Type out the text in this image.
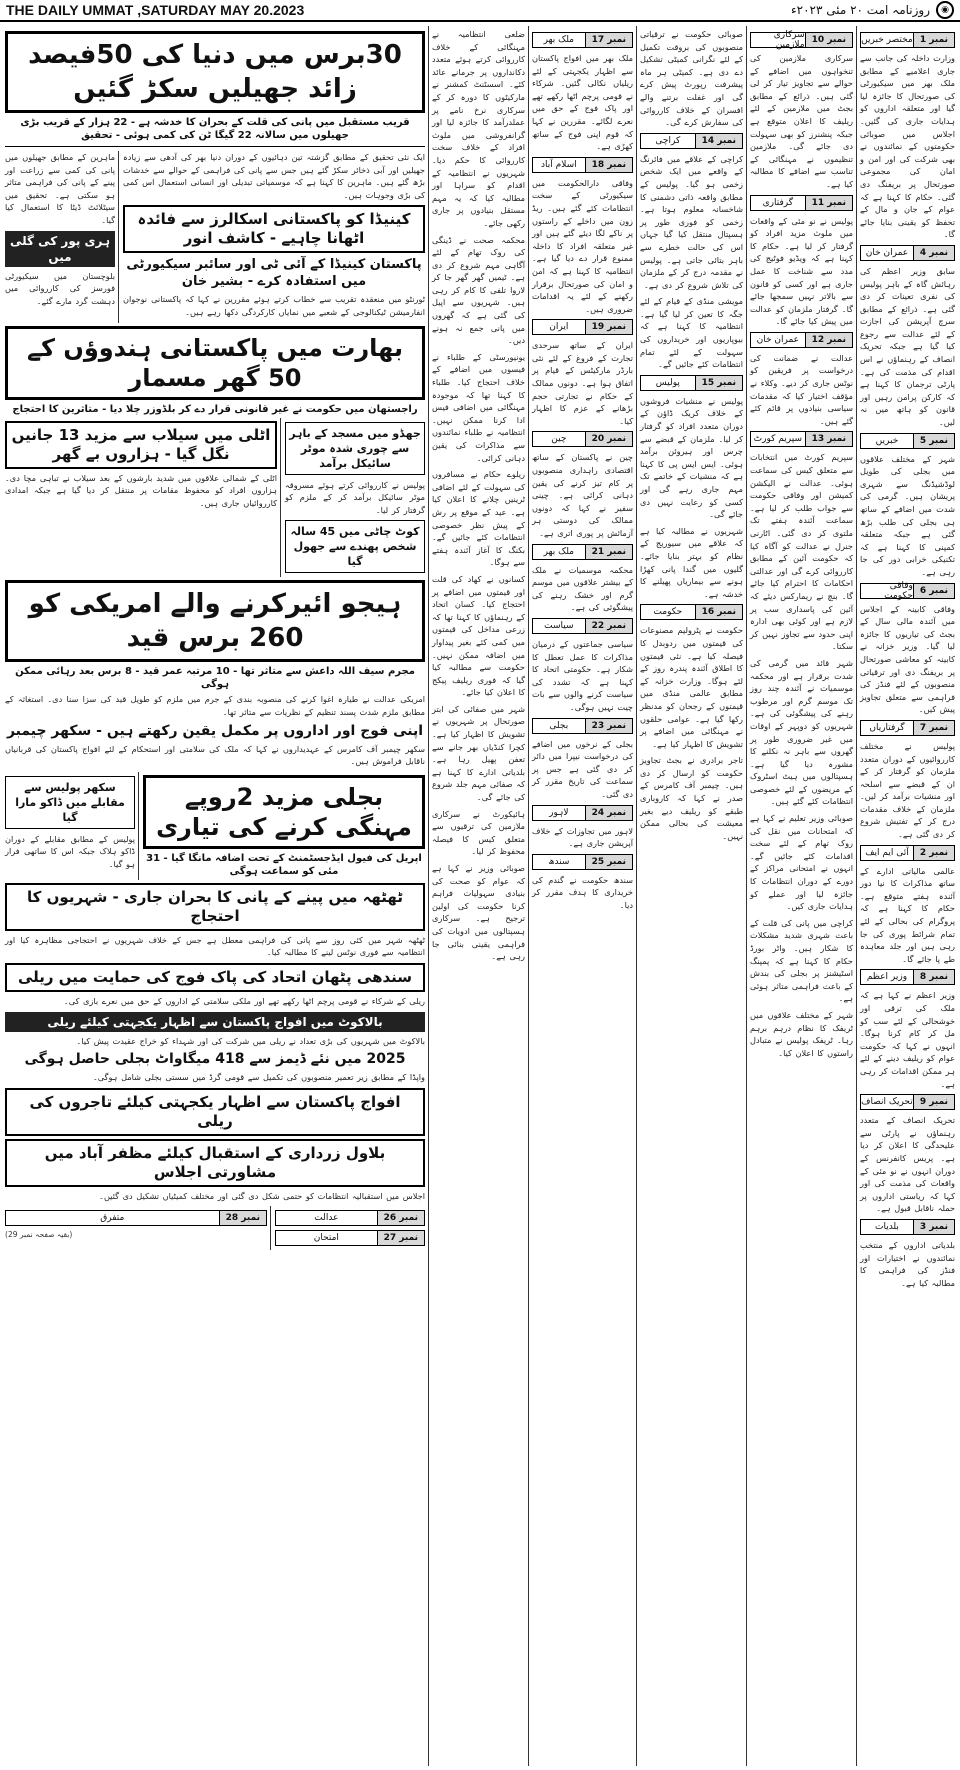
THE DAILY UMMAT ,SATURDAY MAY 20.2023	◉
روزنامہ امت ۲۰ مئی ۲۰۲۳ء
نمبر 1
مختصر خبریں

وزارت داخلہ کی جانب سے جاری اعلامیے کے مطابق ملک بھر میں سیکیورٹی کی صورتحال کا جائزہ لیا گیا اور متعلقہ اداروں کو ہدایات جاری کی گئیں۔ اجلاس میں صوبائی حکومتوں کے نمائندوں نے بھی شرکت کی اور امن و امان کی مجموعی صورتحال پر بریفنگ دی گئی۔ حکام کا کہنا ہے کہ عوام کے جان و مال کے تحفظ کو یقینی بنایا جائے گا۔

نمبر 4
عمران خان

سابق وزیر اعظم کی رہائش گاہ کے باہر پولیس کی نفری تعینات کر دی گئی ہے۔ ذرائع کے مطابق سرچ آپریشن کی اجازت کے لئے عدالت سے رجوع کیا گیا ہے جبکہ تحریک انصاف کے رہنماؤں نے اس اقدام کی مذمت کی ہے۔ پارٹی ترجمان کا کہنا ہے کہ کارکن پرامن رہیں اور قانون کو ہاتھ میں نہ لیں۔

نمبر 5
خبریں

شہر کے مختلف علاقوں میں بجلی کی طویل لوڈشیڈنگ سے شہری پریشان ہیں۔ گرمی کی شدت میں اضافے کے ساتھ ہی بجلی کی طلب بڑھ گئی ہے جبکہ متعلقہ کمپنی کا کہنا ہے کہ تکنیکی خرابی دور کی جا رہی ہے۔

نمبر 6
وفاقی حکومت

وفاقی کابینہ کے اجلاس میں آئندہ مالی سال کے بجٹ کی تیاریوں کا جائزہ لیا گیا۔ وزیر خزانہ نے کابینہ کو معاشی صورتحال پر بریفنگ دی اور ترقیاتی منصوبوں کے لئے فنڈز کی فراہمی سے متعلق تجاویز پیش کیں۔

نمبر 7
گرفتاریاں

پولیس نے مختلف کارروائیوں کے دوران متعدد ملزمان کو گرفتار کر کے ان کے قبضے سے اسلحہ اور منشیات برآمد کر لیں۔ ملزمان کے خلاف مقدمات درج کر کے تفتیش شروع کر دی گئی ہے۔

نمبر 2
آئی ایم ایف

عالمی مالیاتی ادارے کے ساتھ مذاکرات کا نیا دور آئندہ ہفتے متوقع ہے۔ حکام کا کہنا ہے کہ پروگرام کی بحالی کے لئے تمام شرائط پوری کی جا رہی ہیں اور جلد معاہدہ طے پا جائے گا۔

نمبر 8
وزیر اعظم

وزیر اعظم نے کہا ہے کہ ملک کی ترقی اور خوشحالی کے لئے سب کو مل کر کام کرنا ہوگا۔ انہوں نے کہا کہ حکومت عوام کو ریلیف دینے کے لئے ہر ممکن اقدامات کر رہی ہے۔

نمبر 9
تحریک انصاف

تحریک انصاف کے متعدد رہنماؤں نے پارٹی سے علیحدگی کا اعلان کر دیا ہے۔ پریس کانفرنس کے دوران انہوں نے نو مئی کے واقعات کی مذمت کی اور کہا کہ ریاستی اداروں پر حملہ ناقابل قبول ہے۔

نمبر 3
بلدیات

بلدیاتی اداروں کے منتخب نمائندوں نے اختیارات اور فنڈز کی فراہمی کا مطالبہ کیا ہے۔

نمبر 10
سرکاری ملازمین

سرکاری ملازمین کی تنخواہوں میں اضافے کے حوالے سے تجاویز تیار کر لی گئی ہیں۔ ذرائع کے مطابق بجٹ میں ملازمین کے لئے ریلیف کا اعلان متوقع ہے جبکہ پنشنرز کو بھی سہولت دی جائے گی۔ ملازمین تنظیموں نے مہنگائی کے تناسب سے اضافے کا مطالبہ کیا ہے۔

نمبر 11
گرفتاری

پولیس نے نو مئی کے واقعات میں ملوث مزید افراد کو گرفتار کر لیا ہے۔ حکام کا کہنا ہے کہ ویڈیو فوٹیج کی مدد سے شناخت کا عمل جاری ہے اور کسی کو قانون سے بالاتر نہیں سمجھا جائے گا۔ گرفتار ملزمان کو عدالت میں پیش کیا جائے گا۔

نمبر 12
عمران خان

عدالت نے ضمانت کی درخواست پر فریقین کو نوٹس جاری کر دیے۔ وکلاء نے مؤقف اختیار کیا کہ مقدمات سیاسی بنیادوں پر قائم کئے گئے ہیں۔

نمبر 13
سپریم کورٹ

سپریم کورٹ میں انتخابات سے متعلق کیس کی سماعت ہوئی۔ عدالت نے الیکشن کمیشن اور وفاقی حکومت سے جواب طلب کر لیا ہے۔ سماعت آئندہ ہفتے تک ملتوی کر دی گئی۔ اٹارنی جنرل نے عدالت کو آگاہ کیا کہ حکومت آئین کے مطابق کارروائی کرے گی اور عدالتی احکامات کا احترام کیا جائے گا۔ بنچ نے ریمارکس دیئے کہ آئین کی پاسداری سب پر لازم ہے اور کوئی بھی ادارہ اپنی حدود سے تجاوز نہیں کر سکتا۔

شہر قائد میں گرمی کی شدت برقرار ہے اور محکمہ موسمیات نے آئندہ چند روز تک موسم گرم اور مرطوب رہنے کی پیشگوئی کی ہے۔ شہریوں کو دوپہر کے اوقات میں غیر ضروری طور پر گھروں سے باہر نہ نکلنے کا مشورہ دیا گیا ہے۔ ہسپتالوں میں ہیٹ اسٹروک کے مریضوں کے لئے خصوصی انتظامات کئے گئے ہیں۔

صوبائی وزیر تعلیم نے کہا ہے کہ امتحانات میں نقل کی روک تھام کے لئے سخت اقدامات کئے جائیں گے۔ انہوں نے امتحانی مراکز کے دورے کے دوران انتظامات کا جائزہ لیا اور عملے کو ہدایات جاری کیں۔

کراچی میں پانی کی قلت کے باعث شہری شدید مشکلات کا شکار ہیں۔ واٹر بورڈ حکام کا کہنا ہے کہ پمپنگ اسٹیشنز پر بجلی کی بندش کے باعث فراہمی متاثر ہوئی ہے۔

شہر کے مختلف علاقوں میں ٹریفک کا نظام درہم برہم رہا۔ ٹریفک پولیس نے متبادل راستوں کا اعلان کیا۔

صوبائی حکومت نے ترقیاتی منصوبوں کی بروقت تکمیل کے لئے نگرانی کمیٹی تشکیل دے دی ہے۔ کمیٹی ہر ماہ پیشرفت رپورٹ پیش کرے گی اور غفلت برتنے والے افسران کے خلاف کارروائی کی سفارش کرے گی۔

نمبر 14
کراچی

کراچی کے علاقے میں فائرنگ کے واقعے میں ایک شخص زخمی ہو گیا۔ پولیس کے مطابق واقعہ ذاتی دشمنی کا شاخسانہ معلوم ہوتا ہے۔ زخمی کو فوری طور پر ہسپتال منتقل کیا گیا جہاں اس کی حالت خطرے سے باہر بتائی جاتی ہے۔ پولیس نے مقدمہ درج کر کے ملزمان کی تلاش شروع کر دی ہے۔

مویشی منڈی کے قیام کے لئے جگہ کا تعین کر لیا گیا ہے۔ انتظامیہ کا کہنا ہے کہ بیوپاریوں اور خریداروں کی سہولت کے لئے تمام انتظامات کئے جائیں گے۔

نمبر 15
پولیس

پولیس نے منشیات فروشوں کے خلاف کریک ڈاؤن کے دوران متعدد افراد کو گرفتار کر لیا۔ ملزمان کے قبضے سے چرس اور ہیروئن برآمد ہوئی۔ ایس ایس پی کا کہنا ہے کہ منشیات کے خاتمے تک مہم جاری رہے گی اور کسی کو رعایت نہیں دی جائے گی۔

شہریوں نے مطالبہ کیا ہے کہ علاقے میں سیوریج کے نظام کو بہتر بنایا جائے۔ گلیوں میں گندا پانی کھڑا ہونے سے بیماریاں پھیلنے کا خدشہ ہے۔

نمبر 16
حکومت

حکومت نے پٹرولیم مصنوعات کی قیمتوں میں ردوبدل کا فیصلہ کیا ہے۔ نئی قیمتوں کا اطلاق آئندہ پندرہ روز کے لئے ہوگا۔ وزارت خزانہ کے مطابق عالمی منڈی میں قیمتوں کے رجحان کو مدنظر رکھا گیا ہے۔ عوامی حلقوں نے مہنگائی میں اضافے پر تشویش کا اظہار کیا ہے۔

تاجر برادری نے بجٹ تجاویز حکومت کو ارسال کر دی ہیں۔ چیمبر آف کامرس کے صدر نے کہا کہ کاروباری طبقے کو ریلیف دیے بغیر معیشت کی بحالی ممکن نہیں۔

نمبر 17
ملک بھر

ملک بھر میں افواج پاکستان سے اظہار یکجہتی کے لئے ریلیاں نکالی گئیں۔ شرکاء نے قومی پرچم اٹھا رکھے تھے اور پاک فوج کے حق میں نعرے لگائے۔ مقررین نے کہا کہ قوم اپنی فوج کے ساتھ کھڑی ہے۔

نمبر 18
اسلام آباد

وفاقی دارالحکومت میں سیکیورٹی کے سخت انتظامات کئے گئے ہیں۔ ریڈ زون میں داخلے کے راستوں پر ناکے لگا دیئے گئے ہیں اور غیر متعلقہ افراد کا داخلہ ممنوع قرار دے دیا گیا ہے۔ انتظامیہ کا کہنا ہے کہ امن و امان کی صورتحال برقرار رکھنے کے لئے یہ اقدامات ضروری ہیں۔

نمبر 19
ایران

ایران کے ساتھ سرحدی تجارت کے فروغ کے لئے نئی بارڈر مارکیٹس کے قیام پر اتفاق ہوا ہے۔ دونوں ممالک کے حکام نے تجارتی حجم بڑھانے کے عزم کا اظہار کیا۔

نمبر 20
چین

چین نے پاکستان کے ساتھ اقتصادی راہداری منصوبوں پر کام تیز کرنے کی یقین دہانی کرائی ہے۔ چینی سفیر نے کہا کہ دونوں ممالک کی دوستی ہر آزمائش پر پوری اتری ہے۔

نمبر 21
ملک بھر

محکمہ موسمیات نے ملک کے بیشتر علاقوں میں موسم گرم اور خشک رہنے کی پیشگوئی کی ہے۔

نمبر 22
سیاست

سیاسی جماعتوں کے درمیان مذاکرات کا عمل تعطل کا شکار ہے۔ حکومتی اتحاد کا کہنا ہے کہ تشدد کی سیاست کرنے والوں سے بات چیت نہیں ہوگی۔

نمبر 23
بجلی

بجلی کے نرخوں میں اضافے کی درخواست نیپرا میں دائر کر دی گئی ہے جس پر سماعت کی تاریخ مقرر کر دی گئی۔

نمبر 24
لاہور

لاہور میں تجاوزات کے خلاف آپریشن جاری ہے۔

نمبر 25
سندھ

سندھ حکومت نے گندم کی خریداری کا ہدف مقرر کر دیا۔

ضلعی انتظامیہ نے مہنگائی کے خلاف کارروائی کرتے ہوئے متعدد دکانداروں پر جرمانے عائد کئے۔ اسسٹنٹ کمشنر نے مارکیٹوں کا دورہ کر کے سرکاری نرخ نامے پر عملدرآمد کا جائزہ لیا اور گرانفروشی میں ملوث افراد کے خلاف سخت کارروائی کا حکم دیا۔ شہریوں نے انتظامیہ کے اقدام کو سراہا اور مطالبہ کیا کہ یہ مہم مستقل بنیادوں پر جاری رکھی جائے۔

محکمہ صحت نے ڈینگی کی روک تھام کے لئے آگاہی مہم شروع کر دی ہے۔ ٹیمیں گھر گھر جا کر لاروا تلفی کا کام کر رہی ہیں۔ شہریوں سے اپیل کی گئی ہے کہ گھروں میں پانی جمع نہ ہونے دیں۔

یونیورسٹی کے طلباء نے فیسوں میں اضافے کے خلاف احتجاج کیا۔ طلباء کا کہنا تھا کہ موجودہ مہنگائی میں اضافی فیس ادا کرنا ممکن نہیں۔ انتظامیہ نے طلباء نمائندوں سے مذاکرات کی یقین دہانی کرائی۔

ریلوے حکام نے مسافروں کی سہولت کے لئے اضافی ٹرینیں چلانے کا اعلان کیا ہے۔ عید کے موقع پر رش کے پیش نظر خصوصی انتظامات کئے جائیں گے۔ بکنگ کا آغاز آئندہ ہفتے سے ہوگا۔

کسانوں نے کھاد کی قلت اور قیمتوں میں اضافے پر احتجاج کیا۔ کسان اتحاد کے رہنماؤں کا کہنا تھا کہ زرعی مداخل کی قیمتوں میں کمی کئے بغیر پیداوار میں اضافہ ممکن نہیں۔ حکومت سے مطالبہ کیا گیا کہ فوری ریلیف پیکج کا اعلان کیا جائے۔

شہر میں صفائی کی ابتر صورتحال پر شہریوں نے تشویش کا اظہار کیا ہے۔ کچرا کنڈیاں بھر جانے سے تعفن پھیل رہا ہے۔ بلدیاتی ادارے کا کہنا ہے کہ صفائی مہم جلد شروع کی جائے گی۔

ہائیکورٹ نے سرکاری ملازمین کی ترقیوں سے متعلق کیس کا فیصلہ محفوظ کر لیا۔

صوبائی وزیر نے کہا ہے کہ عوام کو صحت کی بنیادی سہولیات فراہم کرنا حکومت کی اولین ترجیح ہے۔ سرکاری ہسپتالوں میں ادویات کی فراہمی یقینی بنائی جا رہی ہے۔

30برس میں دنیا کی 50فیصد زائد جھیلیں سکڑ گئیں
قریب مستقبل میں پانی کی قلت کے بحران کا خدشہ ہے - 22 ہزار کے قریب بڑی جھیلوں میں سالانہ 22 گیگا ٹن کی کمی ہوئی - تحقیق

ایک نئی تحقیق کے مطابق گزشتہ تین دہائیوں کے دوران دنیا بھر کی آدھی سے زیادہ جھیلیں اور آبی ذخائر سکڑ گئے ہیں جس سے پانی کی فراہمی کے حوالے سے خدشات بڑھ گئے ہیں۔ ماہرین کا کہنا ہے کہ موسمیاتی تبدیلی اور انسانی استعمال اس کمی کی بڑی وجوہات ہیں۔

کینیڈا کو پاکستانی اسکالرز سے فائدہ اٹھانا چاہیے - کاشف انور
پاکستان کینیڈا کے آئی ٹی اور سائبر سیکیورٹی میں استفادہ کرے - بشیر خان

ٹورنٹو میں منعقدہ تقریب سے خطاب کرتے ہوئے مقررین نے کہا کہ پاکستانی نوجوان انفارمیشن ٹیکنالوجی کے شعبے میں نمایاں کارکردگی دکھا رہے ہیں۔

ماہرین کے مطابق جھیلوں میں پانی کی کمی سے زراعت اور پینے کے پانی کی فراہمی متاثر ہو سکتی ہے۔ تحقیق میں سیٹلائٹ ڈیٹا کا استعمال کیا گیا۔

ہری پور کی گلی میں

بلوچستان میں سیکیورٹی فورسز کی کارروائی میں دہشت گرد مارے گئے۔

بھارت میں پاکستانی ہندوؤں کے 50 گھر مسمار
راجستھان میں حکومت نے غیر قانونی قرار دے کر بلڈوزر چلا دیا - متاثرین کا احتجاج
جھڈو میں مسجد کے باہر سے چوری شدہ موٹر سائیکل برآمد

پولیس نے کارروائی کرتے ہوئے مسروقہ موٹر سائیکل برآمد کر کے ملزم کو گرفتار کر لیا۔

کوٹ چاٹی میں 45 سالہ شخص پھندے سے جھول گیا
اٹلی میں سیلاب سے مزید 13 جانیں نگل گیا - ہزاروں بے گھر

اٹلی کے شمالی علاقوں میں شدید بارشوں کے بعد سیلاب نے تباہی مچا دی۔ ہزاروں افراد کو محفوظ مقامات پر منتقل کر دیا گیا ہے جبکہ امدادی کارروائیاں جاری ہیں۔

ہیجو ائیرکرنے والے امریکی کو 260 برس قید
مجرم سیف اللہ داعش سے متاثر تھا - 10 مرتبہ عمر قید - 8 برس بعد رہائی ممکن ہوگی

امریکی عدالت نے طیارہ اغوا کرنے کی منصوبہ بندی کے جرم میں ملزم کو طویل قید کی سزا سنا دی۔ استغاثہ کے مطابق ملزم شدت پسند تنظیم کے نظریات سے متاثر تھا۔

اپنی فوج اور اداروں پر مکمل یقین رکھتے ہیں - سکھر چیمبر

سکھر چیمبر آف کامرس کے عہدیداروں نے کہا کہ ملک کی سلامتی اور استحکام کے لئے افواج پاکستان کی قربانیاں ناقابل فراموش ہیں۔

بجلی مزید 2روپے مہنگی کرنے کی تیاری
اپریل کی فیول ایڈجسٹمنٹ کے تحت اضافہ مانگا گیا - 31 مئی کو سماعت ہوگی
سکھر پولیس سے مقابلے میں ڈاکو مارا گیا

پولیس کے مطابق مقابلے کے دوران ڈاکو ہلاک جبکہ اس کا ساتھی فرار ہو گیا۔

ٹھٹھہ میں پینے کے پانی کا بحران جاری - شہریوں کا احتجاج

ٹھٹھہ شہر میں کئی روز سے پانی کی فراہمی معطل ہے جس کے خلاف شہریوں نے احتجاجی مظاہرہ کیا اور انتظامیہ سے فوری نوٹس لینے کا مطالبہ کیا۔

سندھی پٹھان اتحاد کی پاک فوج کی حمایت میں ریلی

ریلی کے شرکاء نے قومی پرچم اٹھا رکھے تھے اور ملکی سلامتی کے اداروں کے حق میں نعرے بازی کی۔

بالاکوٹ میں افواج پاکستان سے اظہار یکجہتی کیلئے ریلی

بالاکوٹ میں شہریوں کی بڑی تعداد نے ریلی میں شرکت کی اور شہداء کو خراج عقیدت پیش کیا۔

2025 میں نئے ڈیمز سے 418 میگاواٹ بجلی حاصل ہوگی

واپڈا کے مطابق زیر تعمیر منصوبوں کی تکمیل سے قومی گرڈ میں سستی بجلی شامل ہوگی۔

افواج پاکستان سے اظہار یکجہتی کیلئے تاجروں کی ریلی
بلاول زرداری کے استقبال کیلئے مظفر آباد میں مشاورتی اجلاس

اجلاس میں استقبالیہ انتظامات کو حتمی شکل دی گئی اور مختلف کمیٹیاں تشکیل دی گئیں۔

نمبر 26
عدالت
نمبر 27
امتحان
نمبر 28
متفرق
(بقیہ صفحہ نمبر 29)
